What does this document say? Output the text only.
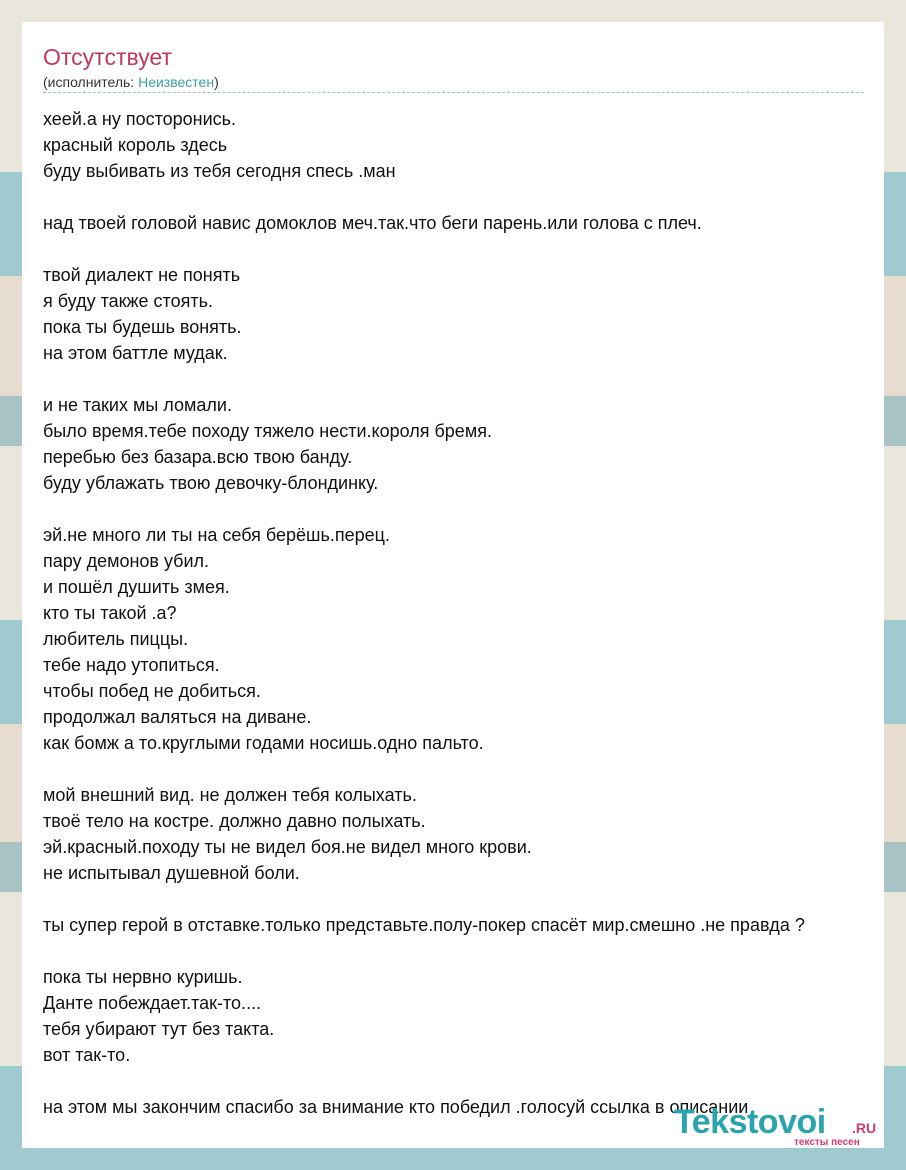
Отсутствует
(исполнитель: Неизвестен)
хеей.а ну посторонись.
красный король здесь
буду выбивать из тебя сегодня спесь .ман
над твоей головой навис домоклов меч.так.что беги парень.или голова с плеч.
твой диалект не понять
я буду также стоять.
пока ты будешь вонять.
на этом баттле мудак.
и не таких мы ломали.
было время.тебе походу тяжело нести.короля бремя.
перебью без базара.всю твою банду.
буду ублажать твою девочку-блондинку.
эй.не много ли ты на себя берёшь.перец.
пару демонов убил.
и пошёл душить змея.
кто ты такой .а?
любитель пиццы.
тебе надо утопиться.
чтобы побед не добиться.
продолжал валяться на диване.
как бомж а то.круглыми годами носишь.одно пальто.
мой внешний вид. не должен тебя колыхать.
твоё тело на костре. должно давно полыхать.
эй.красный.походу ты не видел боя.не видел много крови.
не испытывал душевной боли.
ты супер герой в отставке.только представьте.полу-покер спасёт мир.смешно .не правда ?
пока ты нервно куришь.
Данте побеждает.так-то....
тебя убирают тут без такта.
вот так-то.
на этом мы закончим спасибо за внимание кто победил .голосуй ссылка в описании
Tekstovoi .RU
тексты песен
